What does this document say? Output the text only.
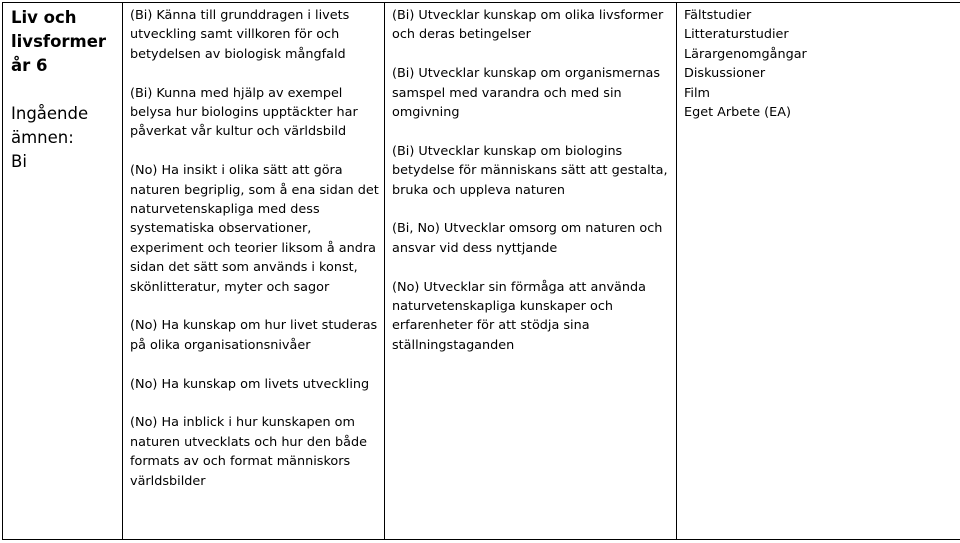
Liv och
livsformer
år 6
Ingående
ämnen:
Bi

(Bi) Känna till grunddragen i livets
utveckling samt villkoren för och
betydelsen av biologisk mångfald
(Bi) Kunna med hjälp av exempel
belysa hur biologins upptäckter har
påverkat vår kultur och världsbild
(No) Ha insikt i olika sätt att göra
naturen begriplig, som å ena sidan det
naturvetenskapliga med dess
systematiska observationer,
experiment och teorier liksom å andra
sidan det sätt som används i konst,
skönlitteratur, myter och sagor
(No) Ha kunskap om hur livet studeras
på olika organisationsnivåer
(No) Ha kunskap om livets utveckling
(No) Ha inblick i hur kunskapen om
naturen utvecklats och hur den både
formats av och format människors
världsbilder

(Bi) Utvecklar kunskap om olika livsformer
och deras betingelser
(Bi) Utvecklar kunskap om organismernas
samspel med varandra och med sin
omgivning
(Bi) Utvecklar kunskap om biologins
betydelse för människans sätt att gestalta,
bruka och uppleva naturen
(Bi, No) Utvecklar omsorg om naturen och
ansvar vid dess nyttjande
(No) Utvecklar sin förmåga att använda
naturvetenskapliga kunskaper och
erfarenheter för att stödja sina
ställningstaganden

Fältstudier
Litteraturstudier
Lärargenomgångar
Diskussioner
Film
Eget Arbete (EA)
